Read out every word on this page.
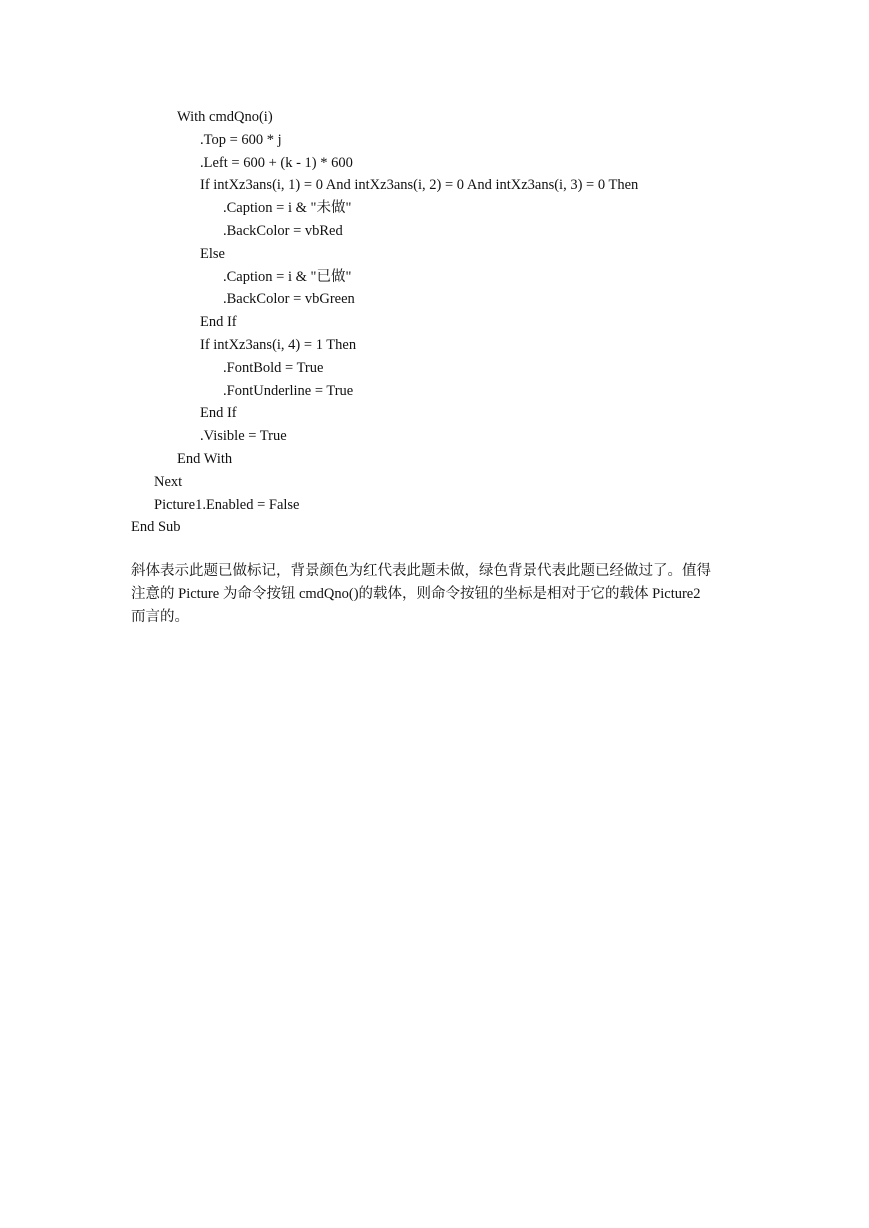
With cmdQno(i)
.Top = 600 * j
.Left = 600 + (k - 1) * 600
If intXz3ans(i, 1) = 0 And intXz3ans(i, 2) = 0 And intXz3ans(i, 3) = 0 Then
.Caption = i & "未做"
.BackColor = vbRed
Else
.Caption = i & "已做"
.BackColor = vbGreen
End If
If intXz3ans(i, 4) = 1 Then
.FontBold = True
.FontUnderline = True
End If
.Visible = True
End With
Next
Picture1.Enabled = False
End Sub
斜体表示此题已做标记，背景颜色为红代表此题未做，绿色背景代表此题已经做过了。值得
注意的 Picture 为命令按钮 cmdQno()的载体，则命令按钮的坐标是相对于它的载体 Picture2
而言的。
